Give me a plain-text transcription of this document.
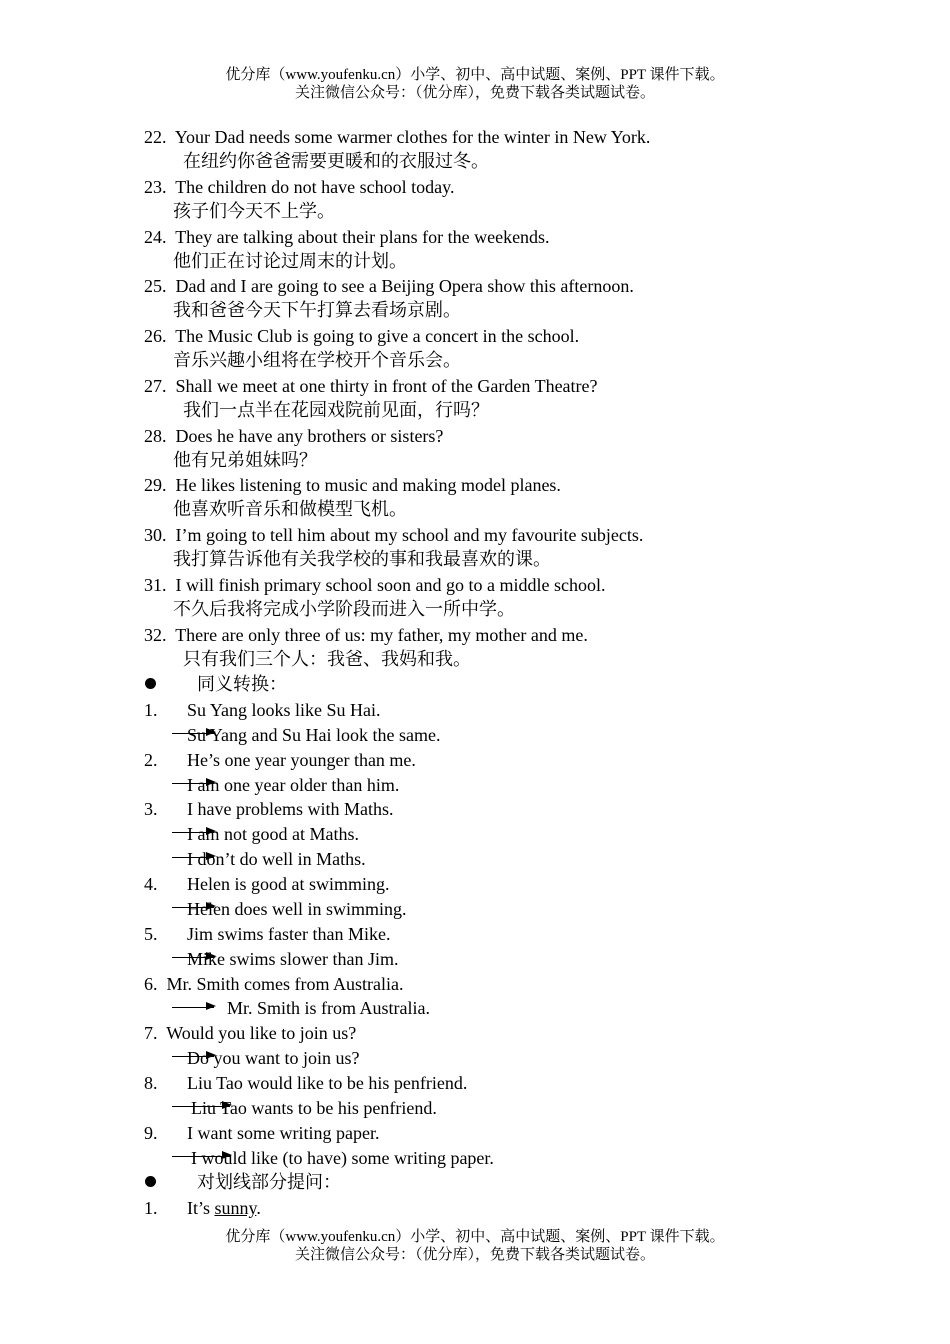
优分库（www.youfenku.cn）小学、初中、高中试题、案例、PPT 课件下载。
关注微信公众号：（优分库），免费下载各类试题试卷。
22. Your Dad needs some warmer clothes for the winter in New York.
在纽约你爸爸需要更暖和的衣服过冬。
23. The children do not have school today.
孩子们今天不上学。
24. They are talking about their plans for the weekends.
他们正在讨论过周末的计划。
25. Dad and I are going to see a Beijing Opera show this afternoon.
我和爸爸今天下午打算去看场京剧。
26. The Music Club is going to give a concert in the school.
音乐兴趣小组将在学校开个音乐会。
27. Shall we meet at one thirty in front of the Garden Theatre?
我们一点半在花园戏院前见面，行吗？
28. Does he have any brothers or sisters?
他有兄弟姐妹吗？
29. He likes listening to music and making model planes.
他喜欢听音乐和做模型飞机。
30. I’m going to tell him about my school and my favourite subjects.
我打算告诉他有关我学校的事和我最喜欢的课。
31. I will finish primary school soon and go to a middle school.
不久后我将完成小学阶段而进入一所中学。
32. There are only three of us: my father, my mother and me.
只有我们三个人：我爸、我妈和我。
同义转换：
1. Su Yang looks like Su Hai.
Su Yang and Su Hai look the same.
2. He’s one year younger than me.
I am one year older than him.
3. I have problems with Maths.
I am not good at Maths.
I don’t do well in Maths.
4. Helen is good at swimming.
Helen does well in swimming.
5. Jim swims faster than Mike.
Mike swims slower than Jim.
6. Mr. Smith comes from Australia.
Mr. Smith is from Australia.
7. Would you like to join us?
Do you want to join us?
8. Liu Tao would like to be his penfriend.
Liu Tao wants to be his penfriend.
9. I want some writing paper.
I would like (to have) some writing paper.
对划线部分提问：
1. It’s sunny.
优分库（www.youfenku.cn）小学、初中、高中试题、案例、PPT 课件下载。
关注微信公众号：（优分库），免费下载各类试题试卷。
